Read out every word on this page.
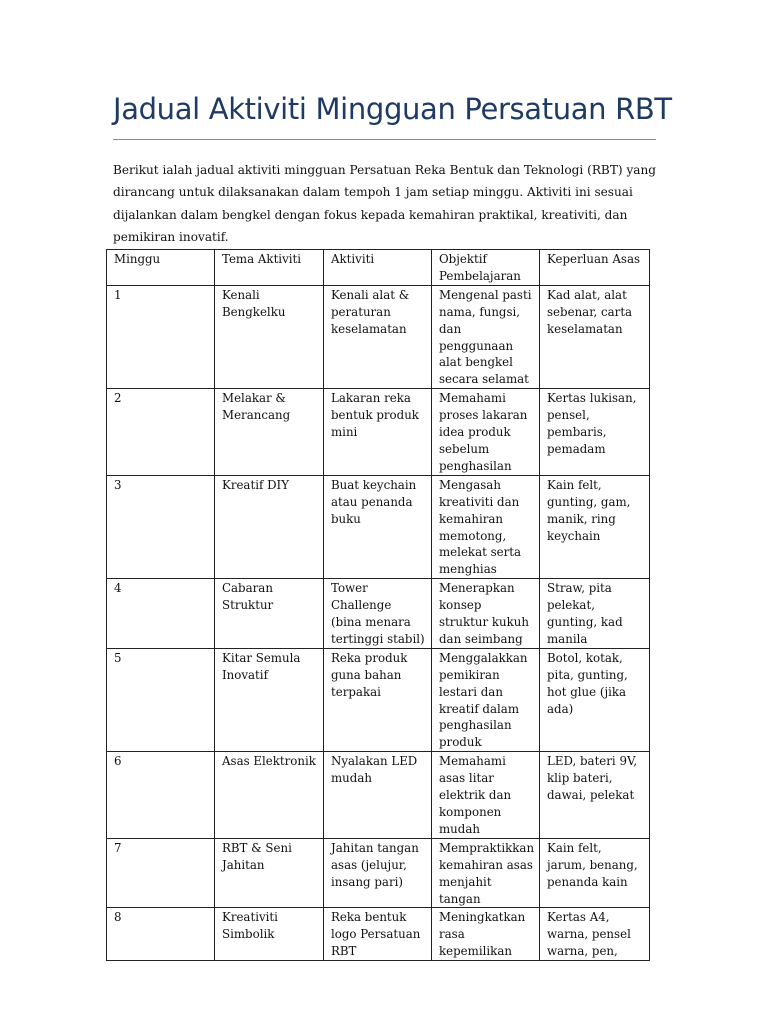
Jadual Aktiviti Mingguan Persatuan RBT

Berikut ialah jadual aktiviti mingguan Persatuan Reka Bentuk dan Teknologi (RBT) yang dirancang untuk dilaksanakan dalam tempoh 1 jam setiap minggu. Aktiviti ini sesuai dijalankan dalam bengkel dengan fokus kepada kemahiran praktikal, kreativiti, dan pemikiran inovatif.

Minggu	Tema Aktiviti	Aktiviti	Objektif Pembelajaran	Keperluan Asas
1	Kenali Bengkelku	Kenali alat & peraturan keselamatan	Mengenal pasti nama, fungsi, dan penggunaan alat bengkel secara selamat	Kad alat, alat sebenar, carta keselamatan
2	Melakar & Merancang	Lakaran reka bentuk produk mini	Memahami proses lakaran idea produk sebelum penghasilan	Kertas lukisan, pensel, pembaris, pemadam
3	Kreatif DIY	Buat keychain atau penanda buku	Mengasah kreativiti dan kemahiran memotong, melekat serta menghias	Kain felt, gunting, gam, manik, ring keychain
4	Cabaran Struktur	Tower Challenge (bina menara tertinggi stabil)	Menerapkan konsep struktur kukuh dan seimbang	Straw, pita pelekat, gunting, kad manila
5	Kitar Semula Inovatif	Reka produk guna bahan terpakai	Menggalakkan pemikiran lestari dan kreatif dalam penghasilan produk	Botol, kotak, pita, gunting, hot glue (jika ada)
6	Asas Elektronik	Nyalakan LED mudah	Memahami asas litar elektrik dan komponen mudah	LED, bateri 9V, klip bateri, dawai, pelekat
7	RBT & Seni Jahitan	Jahitan tangan asas (jelujur, insang pari)	Mempraktikkan kemahiran asas menjahit tangan	Kain felt, jarum, benang, penanda kain
8	Kreativiti Simbolik	Reka bentuk logo Persatuan RBT	Meningkatkan rasa kepemilikan	Kertas A4, warna, pensel warna, pen,
